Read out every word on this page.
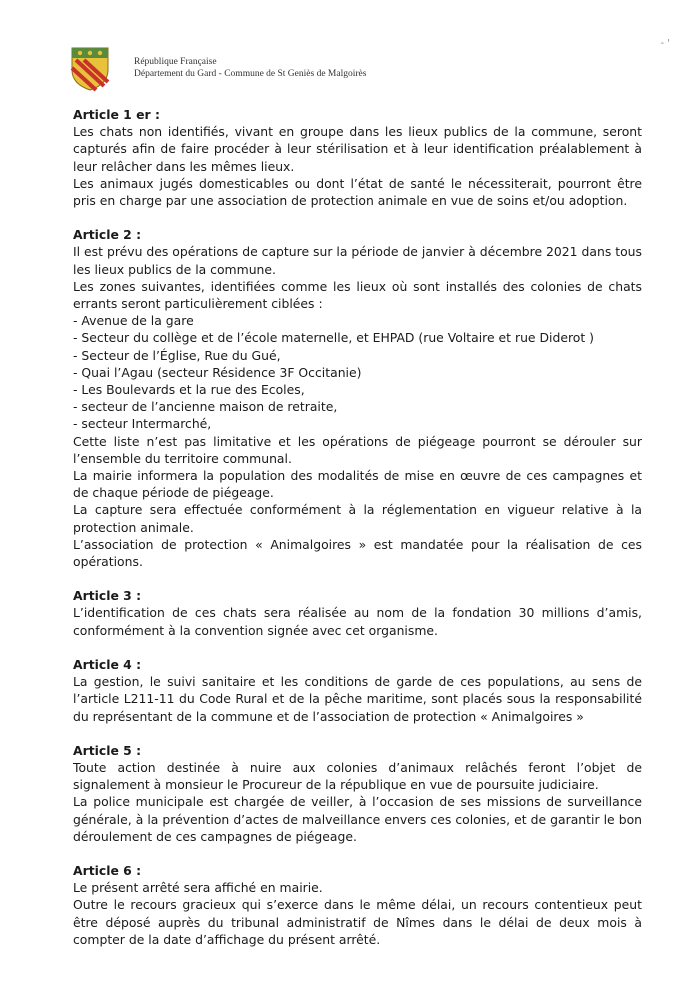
République Française
Département du Gard - Commune de St Geniès de Malgoirès
- '
Article 1 er :
Les chats non identifiés, vivant en groupe dans les lieux publics de la commune, seront capturés afin de faire procéder à leur stérilisation et à leur identification préalablement à leur relâcher dans les mêmes lieux.
Les animaux jugés domesticables ou dont l’état de santé le nécessiterait, pourront être pris en charge par une association de protection animale en vue de soins et/ou adoption.
Article 2 :
Il est prévu des opérations de capture sur la période de janvier à décembre 2021 dans tous les lieux publics de la commune.
Les zones suivantes, identifiées comme les lieux où sont installés des colonies de chats errants seront particulièrement ciblées :
- Avenue de la gare
- Secteur du collège et de l’école maternelle, et EHPAD (rue Voltaire et rue Diderot )
- Secteur de l’Église, Rue du Gué,
- Quai l’Agau (secteur Résidence 3F Occitanie)
- Les Boulevards et la rue des Ecoles,
- secteur de l’ancienne maison de retraite,
- secteur Intermarché,
Cette liste n’est pas limitative et les opérations de piégeage pourront se dérouler sur l’ensemble du territoire communal.
La mairie informera la population des modalités de mise en œuvre de ces campagnes et de chaque période de piégeage.
La capture sera effectuée conformément à la réglementation en vigueur relative à la protection animale.
L’association de protection « Animalgoires » est mandatée pour la réalisation de ces opérations.
Article 3 :
L’identification de ces chats sera réalisée au nom de la fondation 30 millions d’amis, conformément à la convention signée avec cet organisme.
Article 4 :
La gestion, le suivi sanitaire et les conditions de garde de ces populations, au sens de l’article L211-11 du Code Rural et de la pêche maritime, sont placés sous la responsabilité du représentant de la commune et de l’association de protection « Animalgoires »
Article 5 :
Toute action destinée à nuire aux colonies d’animaux relâchés feront l’objet de signalement à monsieur le Procureur de la république en vue de poursuite judiciaire.
La police municipale est chargée de veiller, à l’occasion de ses missions de surveillance générale, à la prévention d’actes de malveillance envers ces colonies, et de garantir le bon déroulement de ces campagnes de piégeage.
Article 6 :
Le présent arrêté sera affiché en mairie.
Outre le recours gracieux qui s’exerce dans le même délai, un recours contentieux peut être déposé auprès du tribunal administratif de Nîmes dans le délai de deux mois à compter de la date d’affichage du présent arrêté.
